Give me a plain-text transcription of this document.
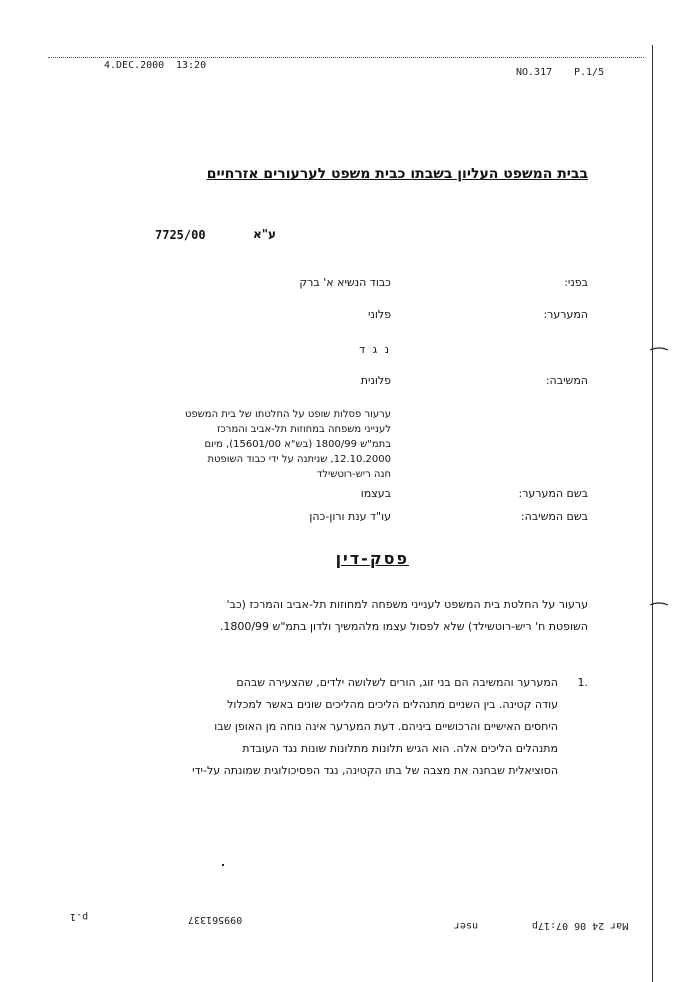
4.DEC.2000 13:20
NO.317 P.1/5
בבית המשפט העליון בשבתו כבית משפט לערעורים אזרחיים
ע"א
7725/00
בפני:
כבוד הנשיא א' ברק
המערער:
פלוני
נ ג ד
המשיבה:
פלונית
ערעור פסלות שופט על החלטתו של בית המשפט
לענייני משפחה במחוזות תל-אביב והמרכז
בתמ"ש 1800/99 (בש"א 15601/00), מיום
12.10.2000, שניתנה על ידי כבוד השופטת
חנה ריש-רוטשילד
בשם המערער:
בעצמו
בשם המשיבה:
עו"ד ענת ורון-כהן
פסק-דין
ערעור על החלטת בית המשפט לענייני משפחה למחוזות תל-אביב והמרכז (כב'
השופטת ח' ריש-רוטשילד) שלא לפסול עצמו מלהמשיך ולדון בתמ"ש 1800/99.
1.
המערער והמשיבה הם בני זוג, הורים לשלושה ילדים, שהצעירה שבהם
עודה קטינה. בין השניים מתנהלים הליכים מהליכים שונים באשר למכלול
היחסים האישיים והרכושיים ביניהם. דעת המערער אינה נוחה מן האופן שבו
מתנהלים הליכים אלה. הוא הגיש תלונות מתלונות שונות נגד העובדת
הסוציאלית שבחנה את מצבה של בתו הקטינה, נגד הפסיכולוגית שמונתה על-ידי
p.1	099561337
nser	Mar 24 06 07:17p
